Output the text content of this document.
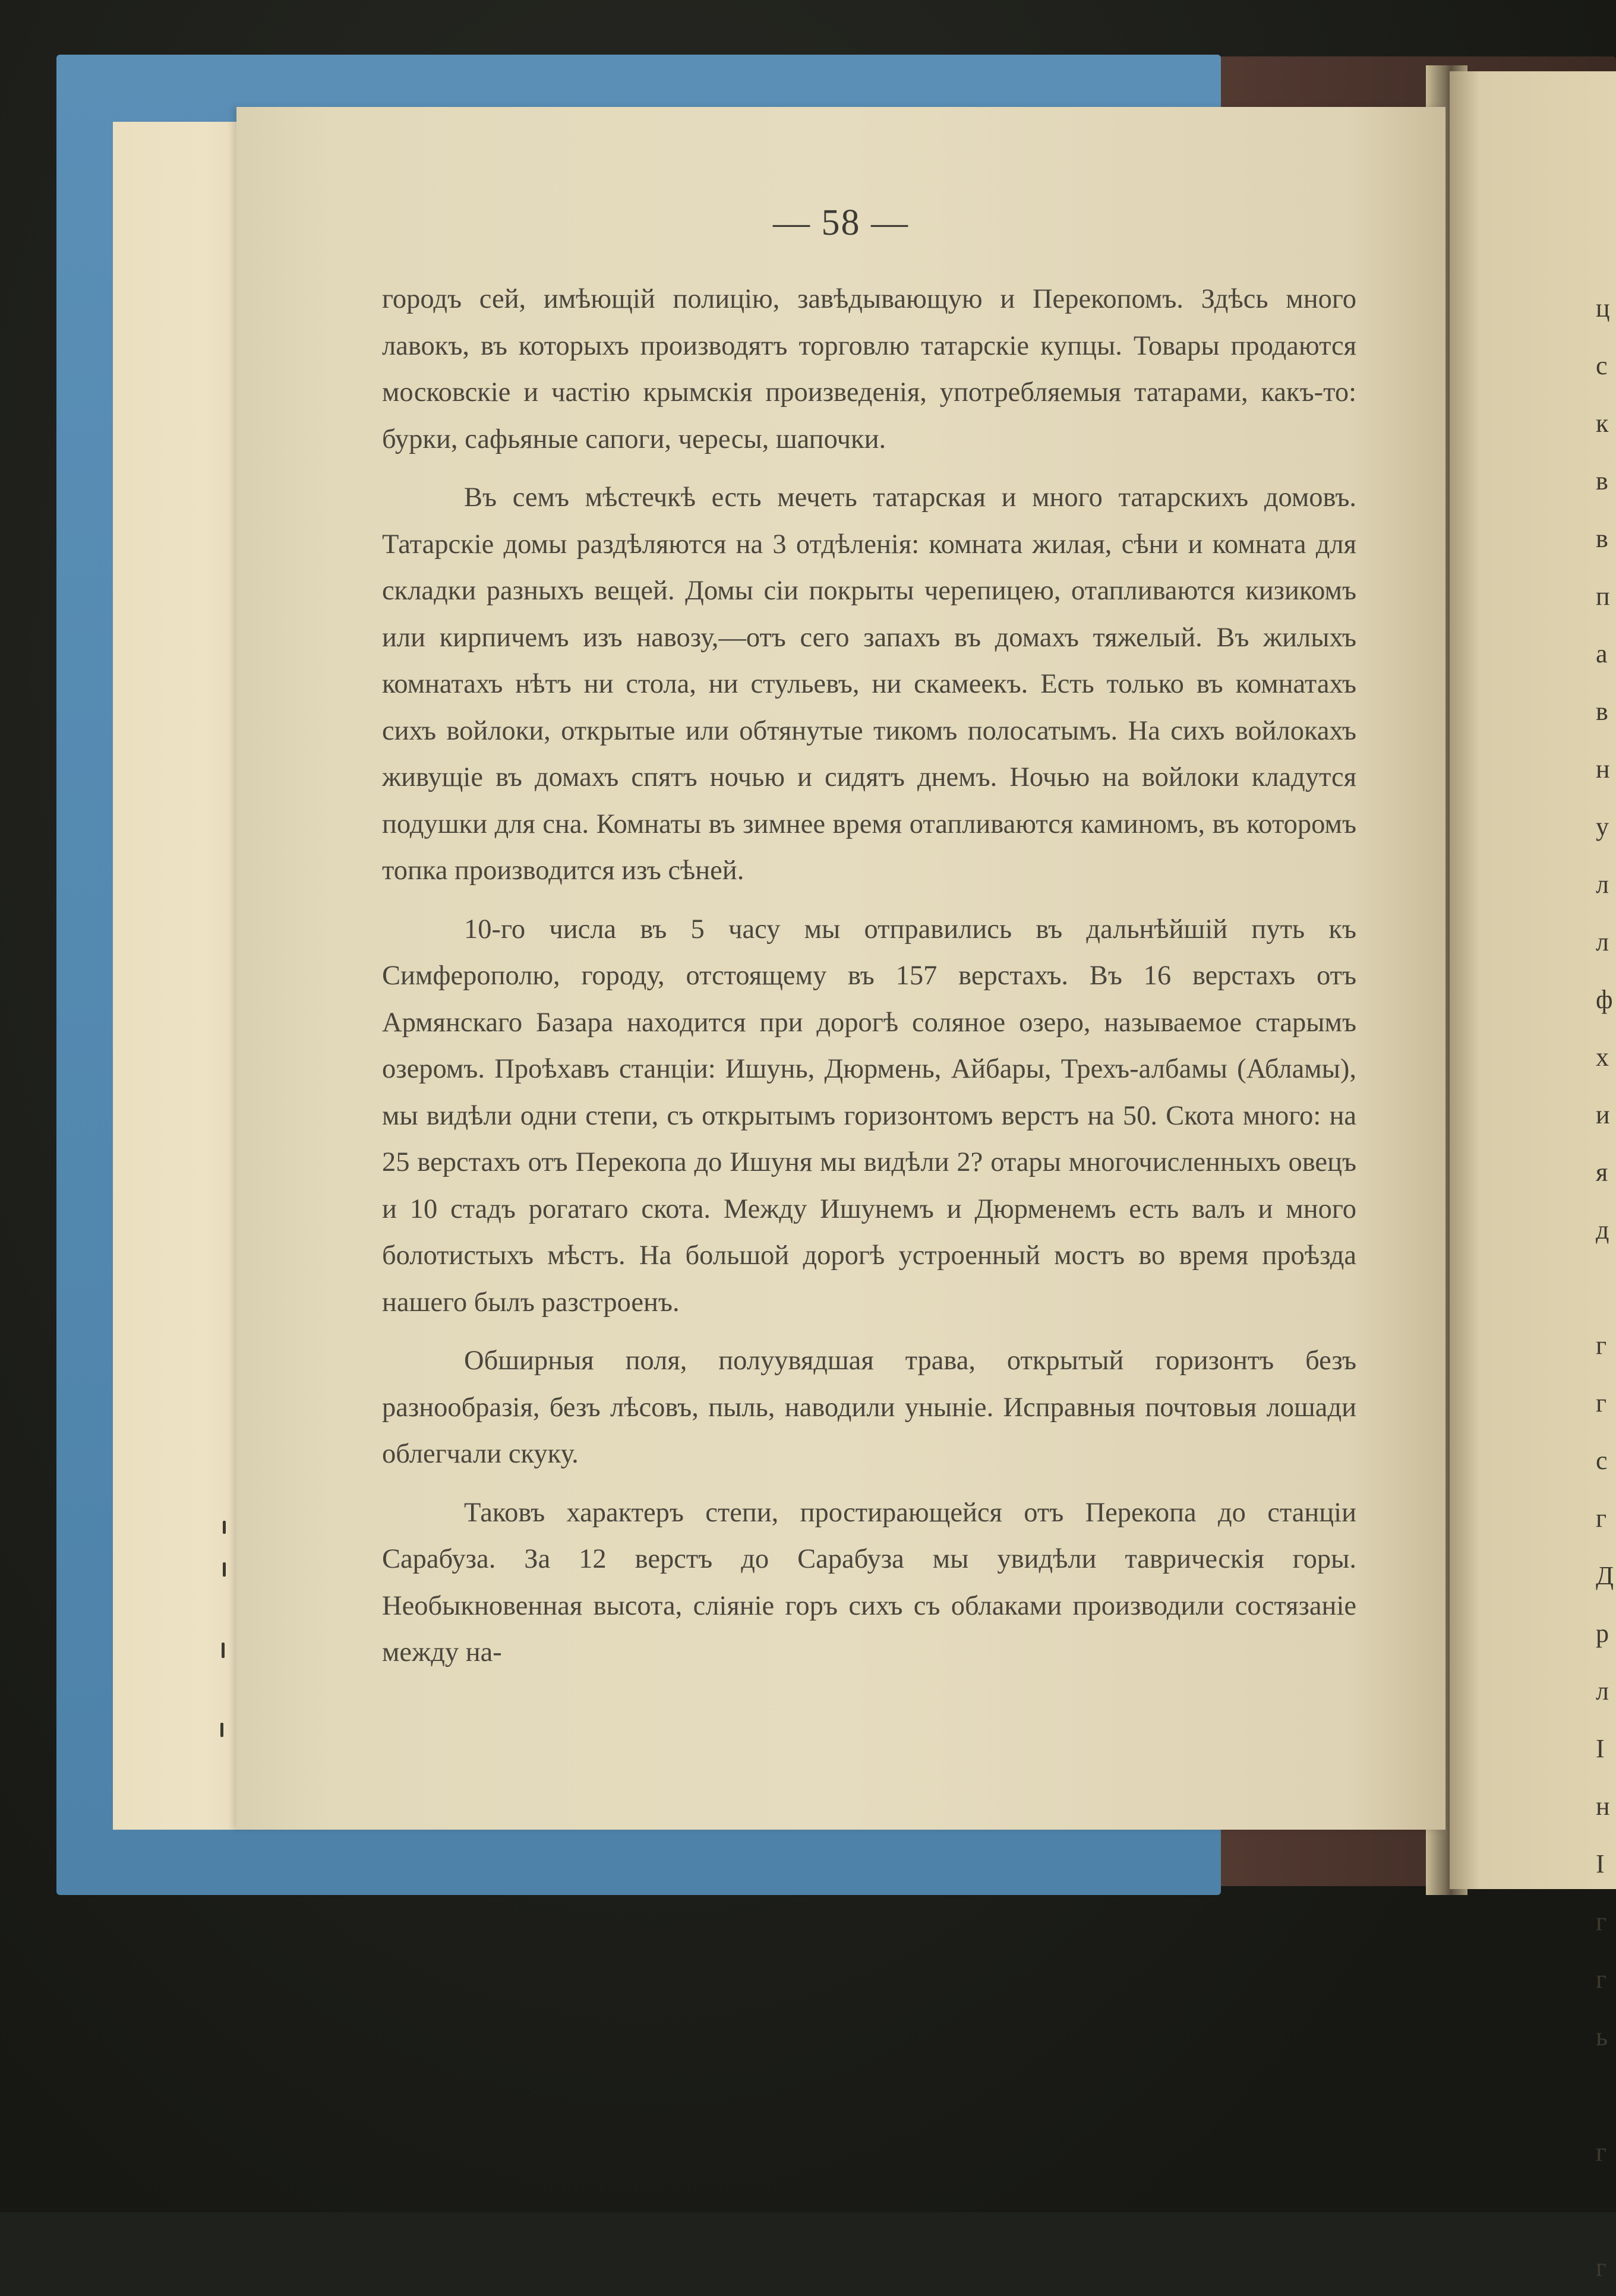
ц
с
к
в
в
п
а
в
н
у
л
л
ф
х
и
я
д
г
г
с
г
Д
р
л
I
н
I
г
г
ь
г
г
— 58 —

городъ сей, имѣющій полицію, завѣдывающую и Перекопомъ. Здѣсь много лавокъ, въ которыхъ производятъ торговлю татарскіе купцы. Товары продаются московскіе и частію крымскія произведенія, употребляемыя татарами, какъ-то: бурки, сафьяные сапоги, чересы, шапочки.

Въ семъ мѣстечкѣ есть мечеть татарская и много татарскихъ домовъ. Татарскіе домы раздѣляются на 3 отдѣленія: комната жилая, сѣни и комната для складки разныхъ вещей. Домы сіи покрыты черепицею, отапливаются кизикомъ или кирпичемъ изъ навозу,—отъ сего запахъ въ домахъ тяжелый. Въ жилыхъ комнатахъ нѣтъ ни стола, ни стульевъ, ни скамеекъ. Есть только въ комнатахъ сихъ войлоки, открытые или обтянутые тикомъ полосатымъ. На сихъ войлокахъ живущіе въ домахъ спятъ ночью и сидятъ днемъ. Ночью на войлоки кладутся подушки для сна. Комнаты въ зимнее время отапливаются каминомъ, въ которомъ топка производится изъ сѣней.

10-го числа въ 5 часу мы отправились въ дальнѣйшій путь къ Симферополю, городу, отстоящему въ 157 верстахъ. Въ 16 верстахъ отъ Армянскаго Базара находится при дорогѣ соляное озеро, называемое старымъ озеромъ. Проѣхавъ станціи: Ишунь, Дюрмень, Айбары, Трехъ-албамы (Абламы), мы видѣли одни степи, съ открытымъ горизонтомъ верстъ на 50. Скота много: на 25 верстахъ отъ Перекопа до Ишуня мы видѣли 2? отары многочисленныхъ овецъ и 10 стадъ рогатаго скота. Между Ишунемъ и Дюрменемъ есть валъ и много болотистыхъ мѣстъ. На большой дорогѣ устроенный мостъ во время проѣзда нашего былъ разстроенъ.

Обширныя поля, полуувядшая трава, открытый горизонтъ безъ разнообразія, безъ лѣсовъ, пыль, наводили уныніе. Исправныя почтовыя лошади облегчали скуку.

Таковъ характеръ степи, простирающейся отъ Перекопа до станціи Сарабуза. За 12 верстъ до Сарабуза мы увидѣли таврическія горы. Необыкновенная высота, сліяніе горъ сихъ съ облаками производили состязаніе между на-
